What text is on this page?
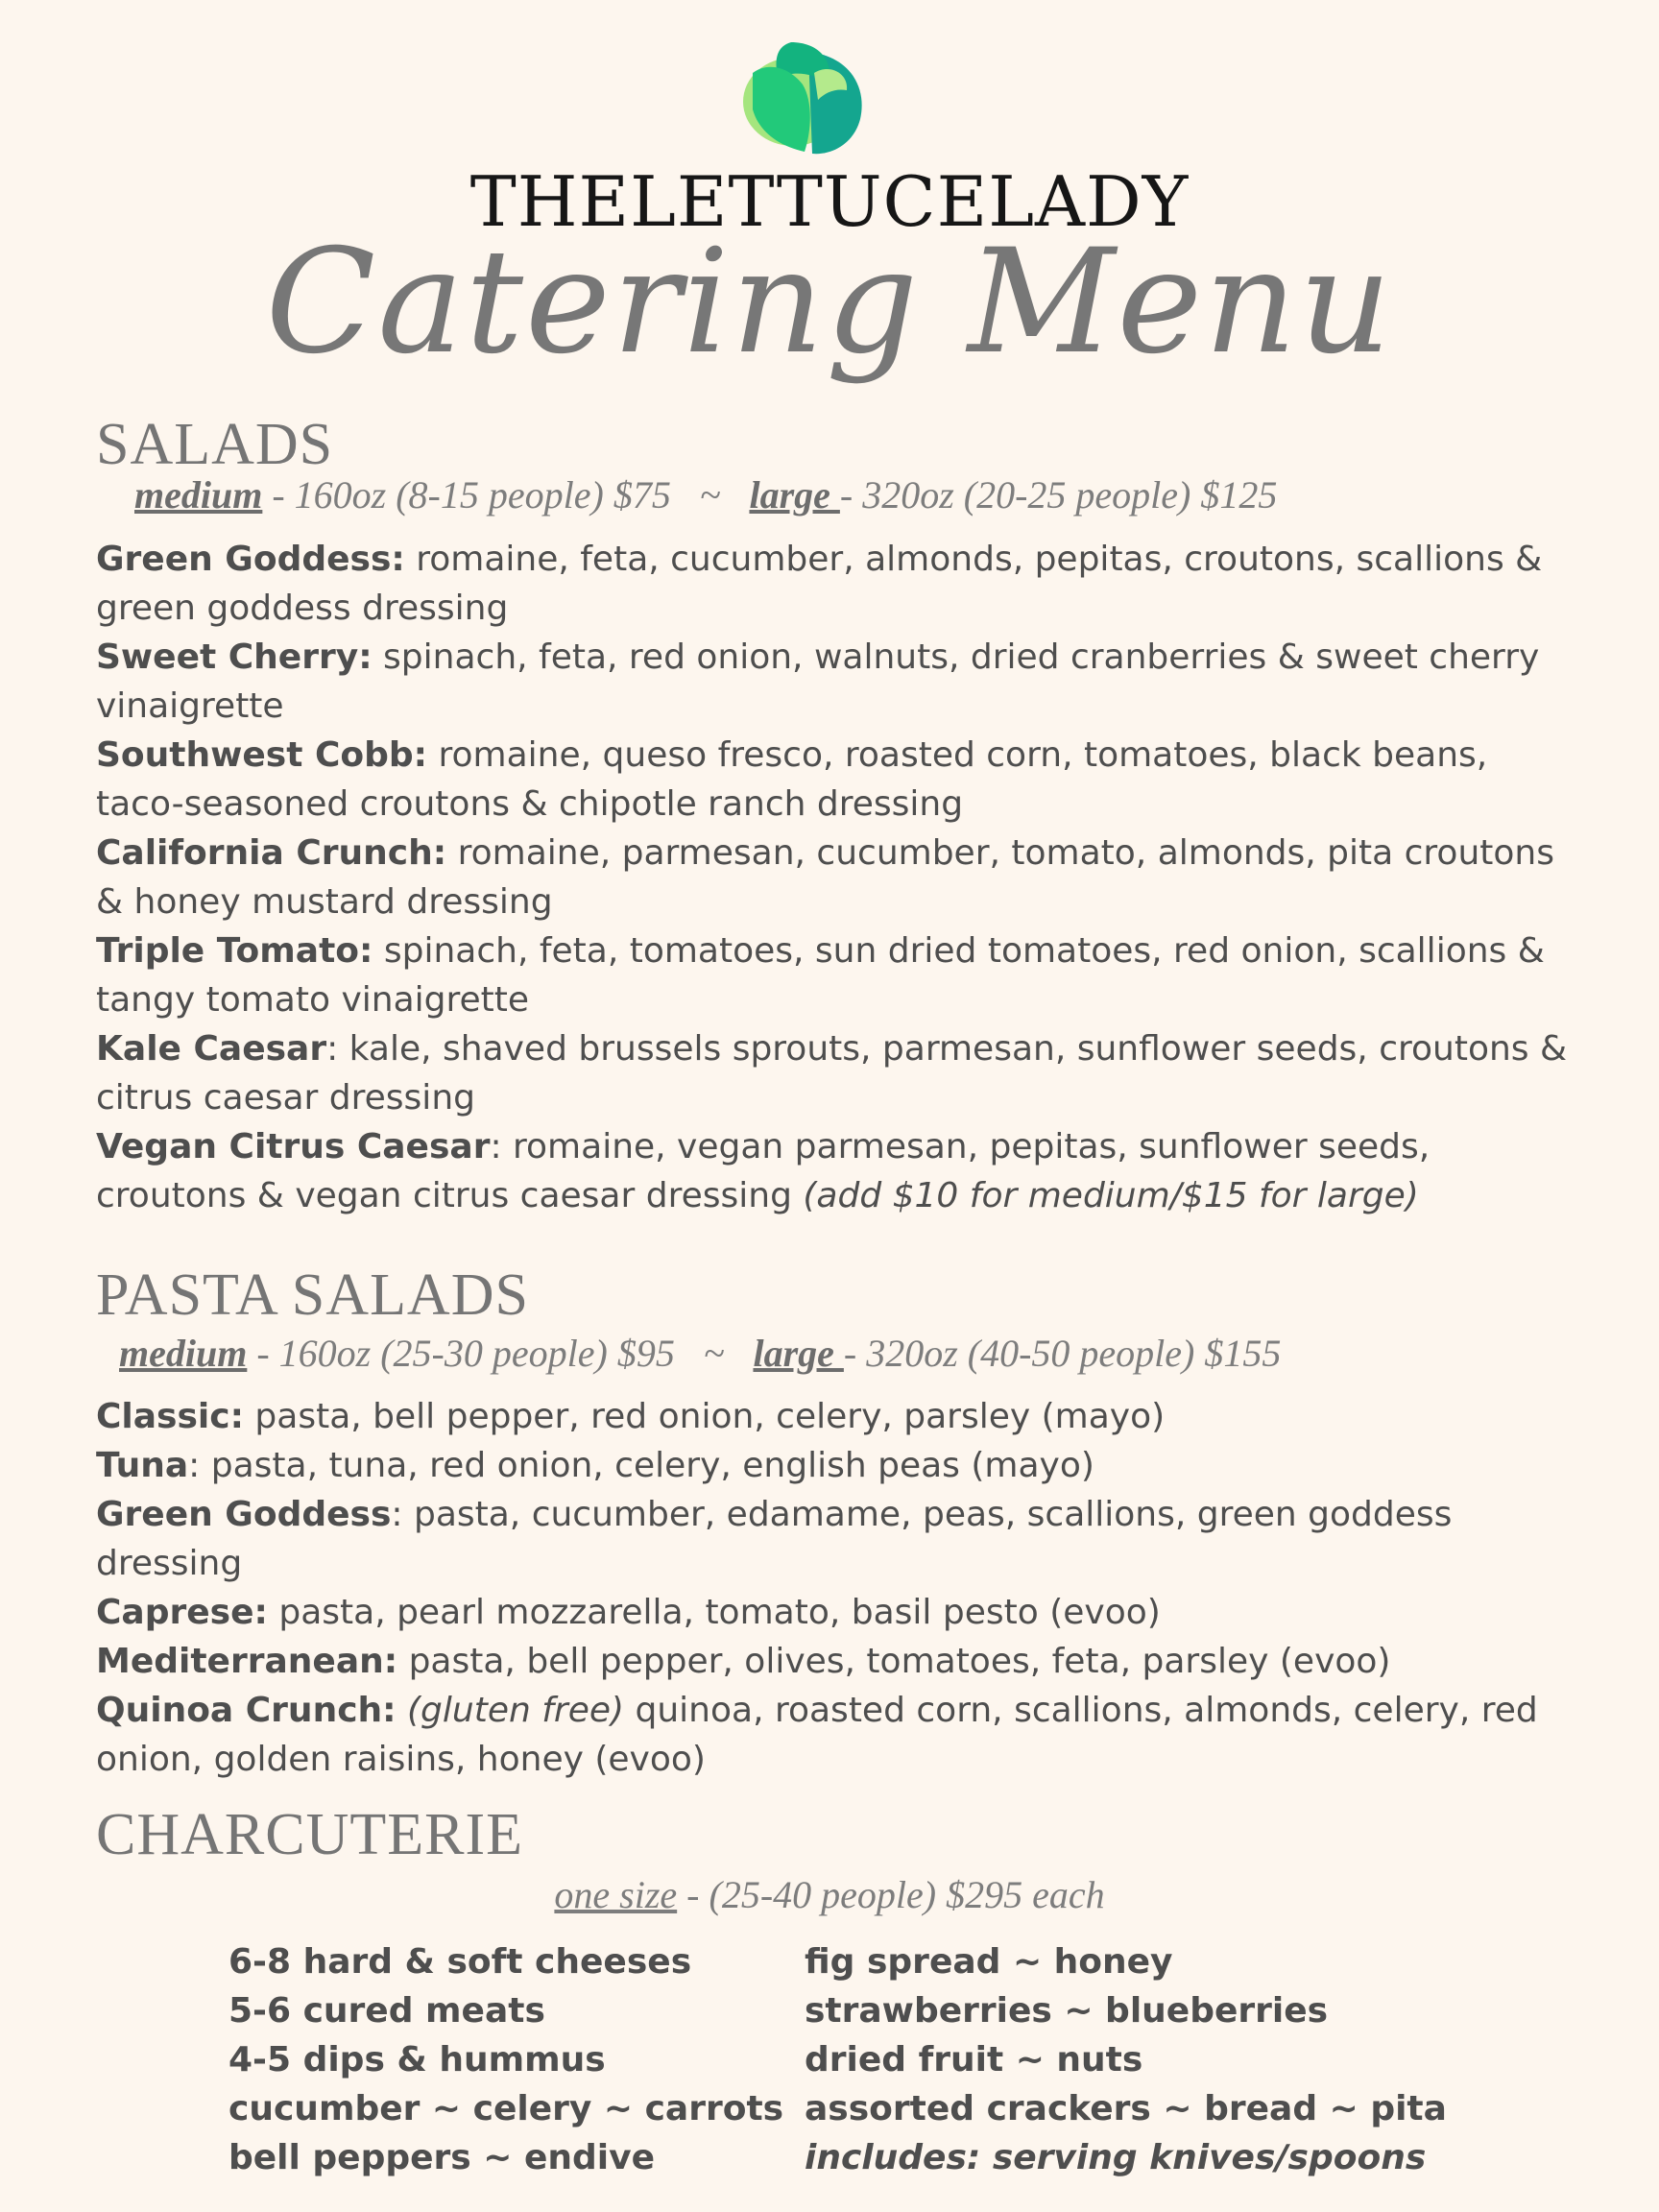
THELETTUCELADY
Catering Menu
SALADS
medium - 160oz (8-15 people) $75 ~ large - 320oz (20-25 people) $125

Green Goddess: romaine, feta, cucumber, almonds, pepitas, croutons, scallions & green goddess dressing

Sweet Cherry: spinach, feta, red onion, walnuts, dried cranberries & sweet cherry vinaigrette

Southwest Cobb: romaine, queso fresco, roasted corn, tomatoes, black beans, taco-seasoned croutons & chipotle ranch dressing

California Crunch: romaine, parmesan, cucumber, tomato, almonds, pita croutons & honey mustard dressing

Triple Tomato: spinach, feta, tomatoes, sun dried tomatoes, red onion, scallions & tangy tomato vinaigrette

Kale Caesar: kale, shaved brussels sprouts, parmesan, sunflower seeds, croutons & citrus caesar dressing

Vegan Citrus Caesar: romaine, vegan parmesan, pepitas, sunflower seeds, croutons & vegan citrus caesar dressing (add $10 for medium/$15 for large)

PASTA SALADS
medium - 160oz (25-30 people) $95 ~ large - 320oz (40-50 people) $155

Classic: pasta, bell pepper, red onion, celery, parsley (mayo)

Tuna: pasta, tuna, red onion, celery, english peas (mayo)

Green Goddess: pasta, cucumber, edamame, peas, scallions, green goddess dressing

Caprese: pasta, pearl mozzarella, tomato, basil pesto (evoo)

Mediterranean: pasta, bell pepper, olives, tomatoes, feta, parsley (evoo)

Quinoa Crunch: (gluten free) quinoa, roasted corn, scallions, almonds, celery, red onion, golden raisins, honey (evoo)

CHARCUTERIE
one size - (25-40 people) $295 each
6-8 hard & soft cheeses
5-6 cured meats
4-5 dips & hummus
cucumber ~ celery ~ carrots
bell peppers ~ endive
fig spread ~ honey
strawberries ~ blueberries
dried fruit ~ nuts
assorted crackers ~ bread ~ pita
includes: serving knives/spoons
